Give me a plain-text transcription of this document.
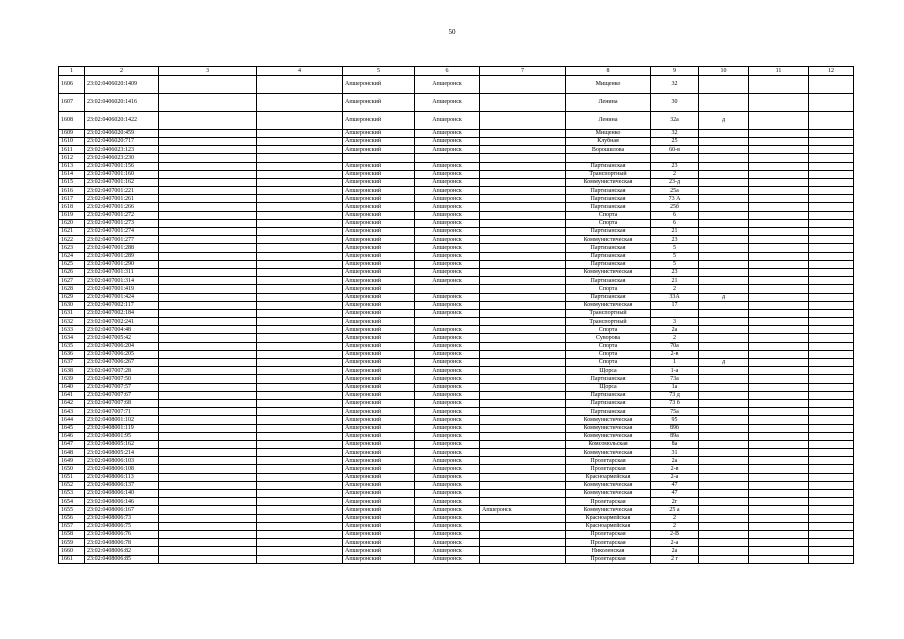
50
1	2	3	4	5	6	7	8	9	10	11	12
1606	23:02:0406020:1409			Апшеронский	Апшеронск		Мищенко	32			
1607	23:02:0406020:1416			Апшеронский	Апшеронск		Ленина	30			
1608	23:02:0406020:1422			Апшеронский	Апшеронск		Ленина	32а	д		
1609	23:02:0406020:459			Апшеронский	Апшеронск		Мищенко	32			
1610	23:02:0406020:717			Апшеронский	Апшеронск		Клубная	25			
1611	23:02:0406023:123			Апшеронский	Апшеронск		Ворошилова	60-в			
1612	23:02:0406023:230										
1613	23:02:0407001:156			Апшеронский	Апшеронск		Партизанская	23			
1614	23:02:0407001:160			Апшеронский	Апшеронск		Транспортный	2			
1615	23:02:0407001:162			Апшеронский	Апшеронск		Коммунистическая	23-д			
1616	23:02:0407001:221			Апшеронский	Апшеронск		Партизанская	25а			
1617	23:02:0407001:261			Апшеронский	Апшеронск		Партизанская	73 А			
1618	23:02:0407001:266			Апшеронский	Апшеронск		Партизанская	25б			
1619	23:02:0407001:272			Апшеронский	Апшеронск		Спорта	6			
1620	23:02:0407001:273			Апшеронский	Апшеронск		Спорта	6			
1621	23:02:0407001:274			Апшеронский	Апшеронск		Партизанская	21			
1622	23:02:0407001:277			Апшеронский	Апшеронск		Коммунистическая	23			
1623	23:02:0407001:288			Апшеронский	Апшеронск		Партизанская	5			
1624	23:02:0407001:289			Апшеронский	Апшеронск		Партизанская	5			
1625	23:02:0407001:290			Апшеронский	Апшеронск		Партизанская	5			
1626	23:02:0407001:311			Апшеронский	Апшеронск		Коммунистическая	23			
1627	23:02:0407001:314			Апшеронский	Апшеронск		Партизанская	21			
1628	23:02:0407001:419			Апшеронский			Спорта	2			
1629	23:02:0407001:424			Апшеронский	Апшеронск		Партизанская	33А	д		
1630	23:02:0407002:117			Апшеронский	Апшеронск		Коммунистическая	17			
1631	23:02:0407002:184			Апшеронский	Апшеронск		Транспортный				
1632	23:02:0407002:241			Апшеронский			Транспортный	3			
1633	23:02:0407004:48			Апшеронский	Апшеронск		Спорта	2а			
1634	23:02:0407005:42			Апшеронский	Апшеронск		Суворова	2			
1635	23:02:0407006:204			Апшеронский	Апшеронск		Спорта	70а			
1636	23:02:0407006:205			Апшеронский	Апшеронск		Спорта	2-в			
1637	23:02:0407006:267			Апшеронский	Апшеронск		Спорта	1	д		
1638	23:02:0407007:28			Апшеронский	Апшеронск		Щорса	1-а			
1639	23:02:0407007:50			Апшеронский	Апшеронск		Партизанская	73а			
1640	23:02:0407007:57			Апшеронский	Апшеронск		Щорса	1а			
1641	23:02:0407007:67			Апшеронский	Апшеронск		Партизанская	73 д			
1642	23:02:0407007:68			Апшеронский	Апшеронск		Партизанская	73 б			
1643	23:02:0407007:71			Апшеронский	Апшеронск		Партизанская	75а			
1644	23:02:0408001:102			Апшеронский	Апшеронск		Коммунистическая	95			
1645	23:02:0408001:119			Апшеронский	Апшеронск		Коммунистическая	89б			
1646	23:02:0408001:95			Апшеронский	Апшеронск		Коммунистическая	89а			
1647	23:02:0408005:162			Апшеронский	Апшеронск		Комсомольская	8а			
1648	23:02:0408005:214			Апшеронский	Апшеронск		Коммунистическая	31			
1649	23:02:0408006:103			Апшеронский	Апшеронск		Пролетарская	2а			
1650	23:02:0408006:108			Апшеронский	Апшеронск		Пролетарская	2-в			
1651	23:02:0408006:113			Апшеронский	Апшеронск		Красноармейская	2-а			
1652	23:02:0408006:137			Апшеронский	Апшеронск		Коммунистическая	47			
1653	23:02:0408006:140			Апшеронский	Апшеронск		Коммунистическая	47			
1654	23:02:0408006:146			Апшеронский	Апшеронск		Пролетарская	2г			
1655	23:02:0408006:167			Апшеронский	Апшеронск	Апшеронск	Коммунистическая	25 а			
1656	23:02:0408006:73			Апшеронский	Апшеронск		Красноармейская	2			
1657	23:02:0408006:75			Апшеронский	Апшеронск		Красноармейская	2			
1658	23:02:0408006:76			Апшеронский	Апшеронск		Пролетарская	2-В			
1659	23:02:0408006:78			Апшеронский	Апшеронск		Пролетарская	2-а			
1660	23:02:0408006:82			Апшеронский	Апшеронск		Николенская	2а			
1661	23:02:0408006:85			Апшеронский	Апшеронск		Пролетарская	2 г			
